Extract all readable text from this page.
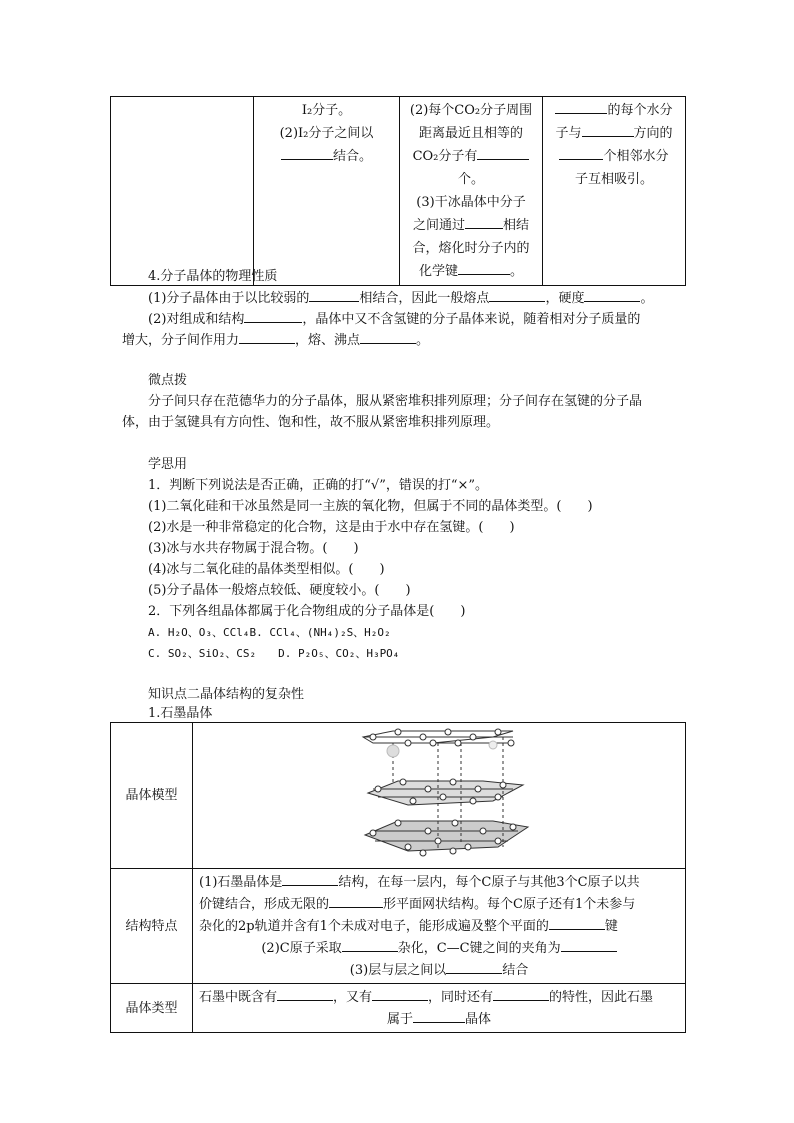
I₂分子。
(2)I₂分子之间以
结合。

(2)每个CO₂分子周围
距离最近且相等的
CO₂分子有
个。
(3)干冰晶体中分子
之间通过	相结
合，熔化时分子内的
化学键	。

的每个水分
子与	方向的
个相邻水分
子互相吸引。
4.分子晶体的物理性质
(1)分子晶体由于以比较弱的	相结合，因此一般熔点	，硬度	。
(2)对组成和结构	，晶体中又不含氢键的分子晶体来说，随着相对分子质量的
增大，分子间作用力	，熔、沸点	。
微点拨
分子间只存在范德华力的分子晶体，服从紧密堆积排列原理；分子间存在氢键的分子晶
体，由于氢键具有方向性、饱和性，故不服从紧密堆积排列原理。
学思用
1．判断下列说法是否正确，正确的打“√”，错误的打“×”。
(1)二氧化硅和干冰虽然是同一主族的氧化物，但属于不同的晶体类型。(　　)
(2)水是一种非常稳定的化合物，这是由于水中存在氢键。(　　)
(3)冰与水共存物属于混合物。(　　)
(4)冰与二氧化硅的晶体类型相似。(　　)
(5)分子晶体一般熔点较低、硬度较小。(　　)
2．下列各组晶体都属于化合物组成的分子晶体是(　　)
A. H₂O、O₃、CCl₄B. CCl₄、(NH₄)₂S、H₂O₂
C. SO₂、SiO₂、CS₂　　D. P₂O₅、CO₂、H₃PO₄
知识点二晶体结构的复杂性
1.石墨晶体
晶体模型	

结构特点	(1)石墨晶体是 结构，在每一层内，每个C原子与其他3个C原子以共
价键结合，形成无限的 形平面网状结构。每个C原子还有1个未参与
杂化的2p轨道并含有1个未成对电子，能形成遍及整个平面的 键
(2)C原子采取 杂化，C—C键之间的夹角为
(3)层与层之间以 结合

晶体类型	石墨中既含有 ，又有 ，同时还有 的特性，因此石墨
属于 晶体
